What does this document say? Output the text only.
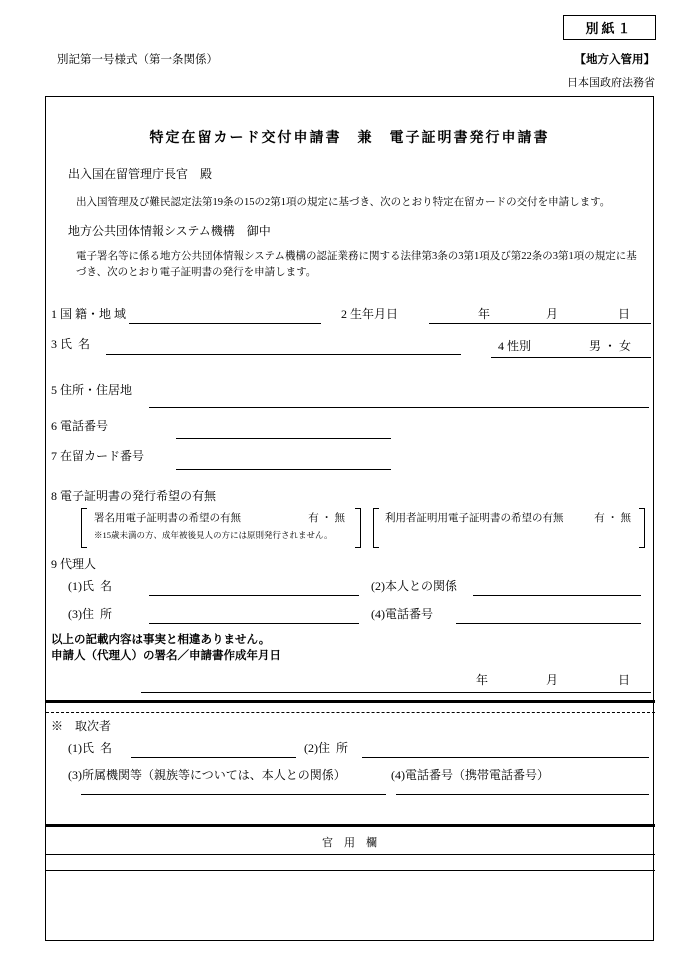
別紙１
別記第一号様式（第一条関係）	【地方入管用】
日本国政府法務省
特定在留カード交付申請書　兼　電子証明書発行申請書
出入国在留管理庁長官　殿
出入国管理及び難民認定法第19条の15の2第1項の規定に基づき、次のとおり特定在留カードの交付を申請します。
地方公共団体情報システム機構　御中
電子署名等に係る地方公共団体情報システム機構の認証業務に関する法律第3条の3第1項及び第22条の3第1項の規定に基づき、次のとおり電子証明書の発行を申請します。
1 国 籍・地 域	2 生年月日	年	月	日
3 氏  名	4 性別	男 ・ 女
5 住所・住居地
6 電話番号
7 在留カード番号
8 電子証明書の発行希望の有無
署名用電子証明書の希望の有無	有 ・ 無
※15歳未満の方、成年被後見人の方には原則発行されません。
利用者証明用電子証明書の希望の有無	有 ・ 無
9 代理人
(1)氏  名	(2)本人との関係
(3)住  所	(4)電話番号
以上の記載内容は事実と相違ありません。
申請人（代理人）の署名／申請書作成年月日
年	月	日
※　取次者
(1)氏  名	(2)住  所
(3)所属機関等（親族等については、本人との関係）	(4)電話番号（携帯電話番号）
官　用　欄
